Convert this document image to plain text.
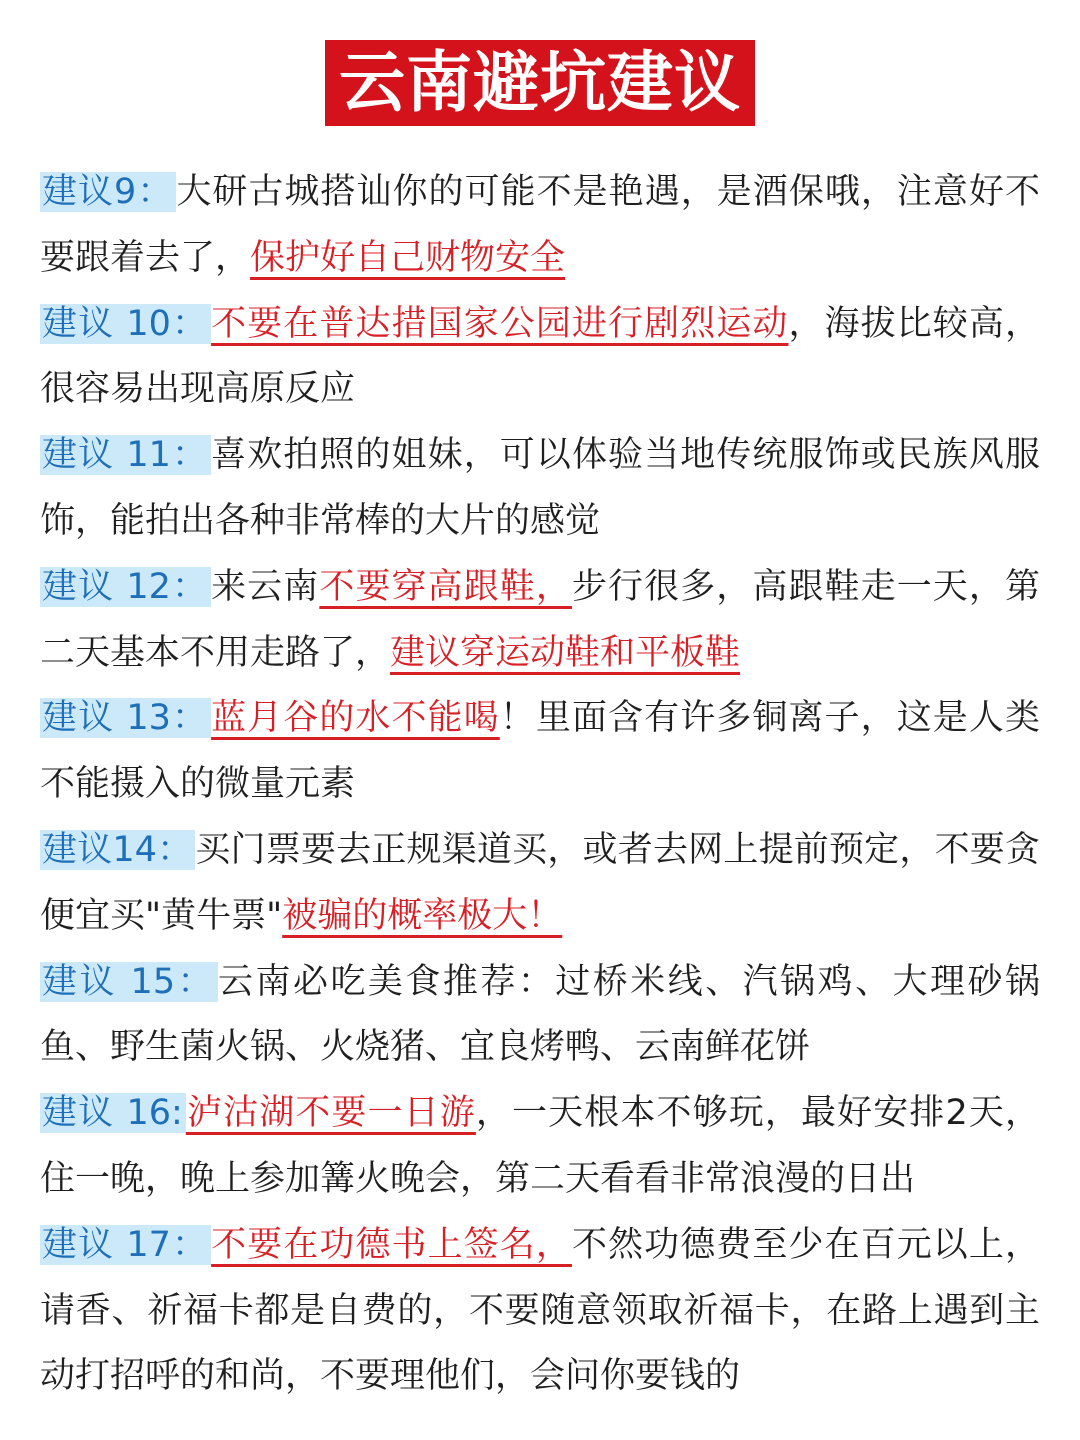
云南避坑建议

建议9：大研古城搭讪你的可能不是艳遇，是酒保哦，注意好不要跟着去了，保护好自己财物安全

建议 10：不要在普达措国家公园进行剧烈运动，海拔比较高，很容易出现高原反应

建议 11：喜欢拍照的姐妹，可以体验当地传统服饰或民族风服饰，能拍出各种非常棒的大片的感觉

建议 12：来云南不要穿高跟鞋，步行很多，高跟鞋走一天，第二天基本不用走路了，建议穿运动鞋和平板鞋

建议 13：蓝月谷的水不能喝！里面含有许多铜离子，这是人类不能摄入的微量元素

建议14：买门票要去正规渠道买，或者去网上提前预定，不要贪便宜买"黄牛票"被骗的概率极大！

建议 15：云南必吃美食推荐：过桥米线、汽锅鸡、大理砂锅鱼、野生菌火锅、火烧猪、宜良烤鸭、云南鲜花饼

建议 16:泸沽湖不要一日游，一天根本不够玩，最好安排2天，住一晚，晚上参加篝火晚会，第二天看看非常浪漫的日出

建议 17：不要在功德书上签名，不然功德费至少在百元以上，请香、祈福卡都是自费的，不要随意领取祈福卡，在路上遇到主动打招呼的和尚，不要理他们，会问你要钱的
